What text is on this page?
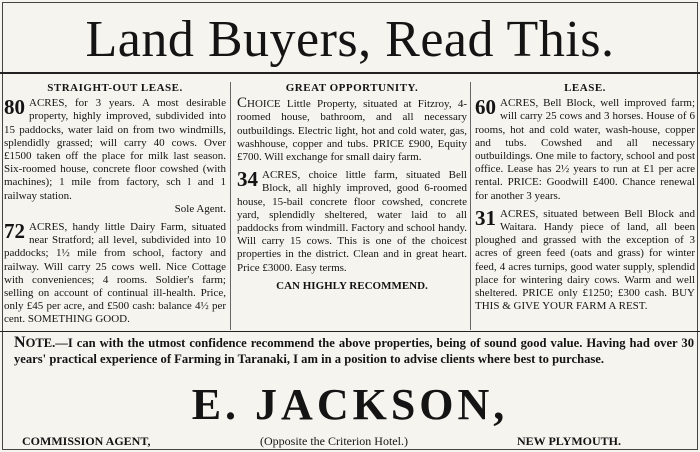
Land Buyers, Read This.
STRAIGHT-OUT LEASE.
80 ACRES, for 3 years. A most desirable property, highly improved, subdivided into 15 paddocks, water laid on from two windmills, splendidly grassed; will carry 40 cows. Over £1500 taken off the place for milk last season. Six-roomed house, concrete floor cowshed (with machines); 1 mile from factory, sch l and 1 railway station.
Sole Agent.
72 ACRES, handy little Dairy Farm, situated near Stratford; all level, subdivided into 10 paddocks; 1½ mile from school, factory and railway. Will carry 25 cows well. Nice Cottage with conveniences; 4 rooms. Soldier's farm; selling on account of continual ill-health. Price, only £45 per acre, and £500 cash: balance 4½ per cent. SOMETHING GOOD.
GREAT OPPORTUNITY.
CHOICE Little Property, situated at Fitzroy, 4-roomed house, bathroom, and all necessary outbuildings. Electric light, hot and cold water, gas, washhouse, copper and tubs. PRICE £900, Equity £700. Will exchange for small dairy farm.
34 ACRES, choice little farm, situated Bell Block, all highly improved, good 6-roomed house, 15-bail concrete floor cowshed, concrete yard, splendidly sheltered, water laid to all paddocks from windmill. Factory and school handy. Will carry 15 cows. This is one of the choicest properties in the district. Clean and in great heart. Price £3000. Easy terms.
CAN HIGHLY RECOMMEND.
LEASE.
60 ACRES, Bell Block, well improved farm; will carry 25 cows and 3 horses. House of 6 rooms, hot and cold water, wash-house, copper and tubs. Cowshed and all necessary outbuildings. One mile to factory, school and post office. Lease has 2½ years to run at £1 per acre rental. PRICE: Goodwill £400. Chance renewal for another 3 years.
31 ACRES, situated between Bell Block and Waitara. Handy piece of land, all been ploughed and grassed with the exception of 3 acres of green feed (oats and grass) for winter feed, 4 acres turnips, good water supply, splendid place for wintering dairy cows. Warm and well sheltered. PRICE only £1250; £300 cash. BUY THIS & GIVE YOUR FARM A REST.
NOTE.—I can with the utmost confidence recommend the above properties, being of sound good value. Having had over 30 years' practical experience of Farming in Taranaki, I am in a position to advise clients where best to purchase.
E. JACKSON,
COMMISSION AGENT,	(Opposite the Criterion Hotel.)	NEW PLYMOUTH.
